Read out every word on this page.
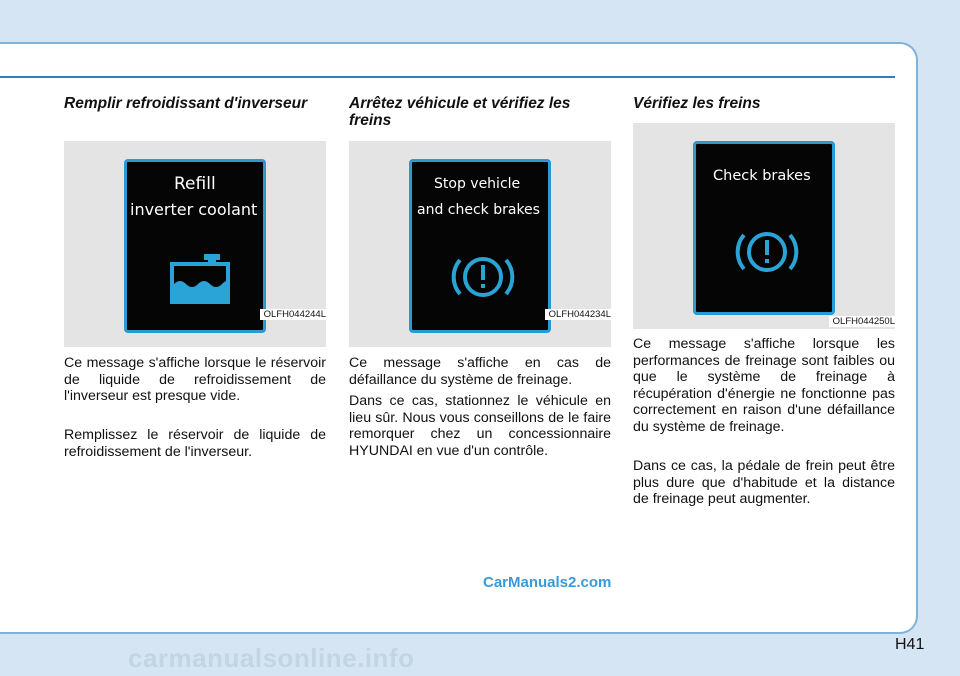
Remplir refroidissant d'inverseur
Refill
inverter coolant
OLFH044244L

Ce message s'affiche lorsque le réservoir de liquide de refroidissement de l'inverseur est presque vide.

Remplissez le réservoir de liquide de refroidissement de l'inverseur.

Arrêtez véhicule et vérifiez les freins
Stop vehicle
and check brakes
OLFH044234L

Ce message s'affiche en cas de défaillance du système de freinage.

Dans ce cas, stationnez le véhicule en lieu sûr. Nous vous conseillons de le faire remorquer chez un concessionnaire HYUNDAI en vue d'un contrôle.

Vérifiez les freins
Check brakes
OLFH044250L

Ce message s'affiche lorsque les performances de freinage sont faibles ou que le système de freinage à récupération d'énergie ne fonctionne pas correctement en raison d'une défaillance du système de freinage.

Dans ce cas, la pédale de frein peut être plus dure que d'habitude et la distance de freinage peut augmenter.

CarManuals2.com
H41
carmanualsonline.info
